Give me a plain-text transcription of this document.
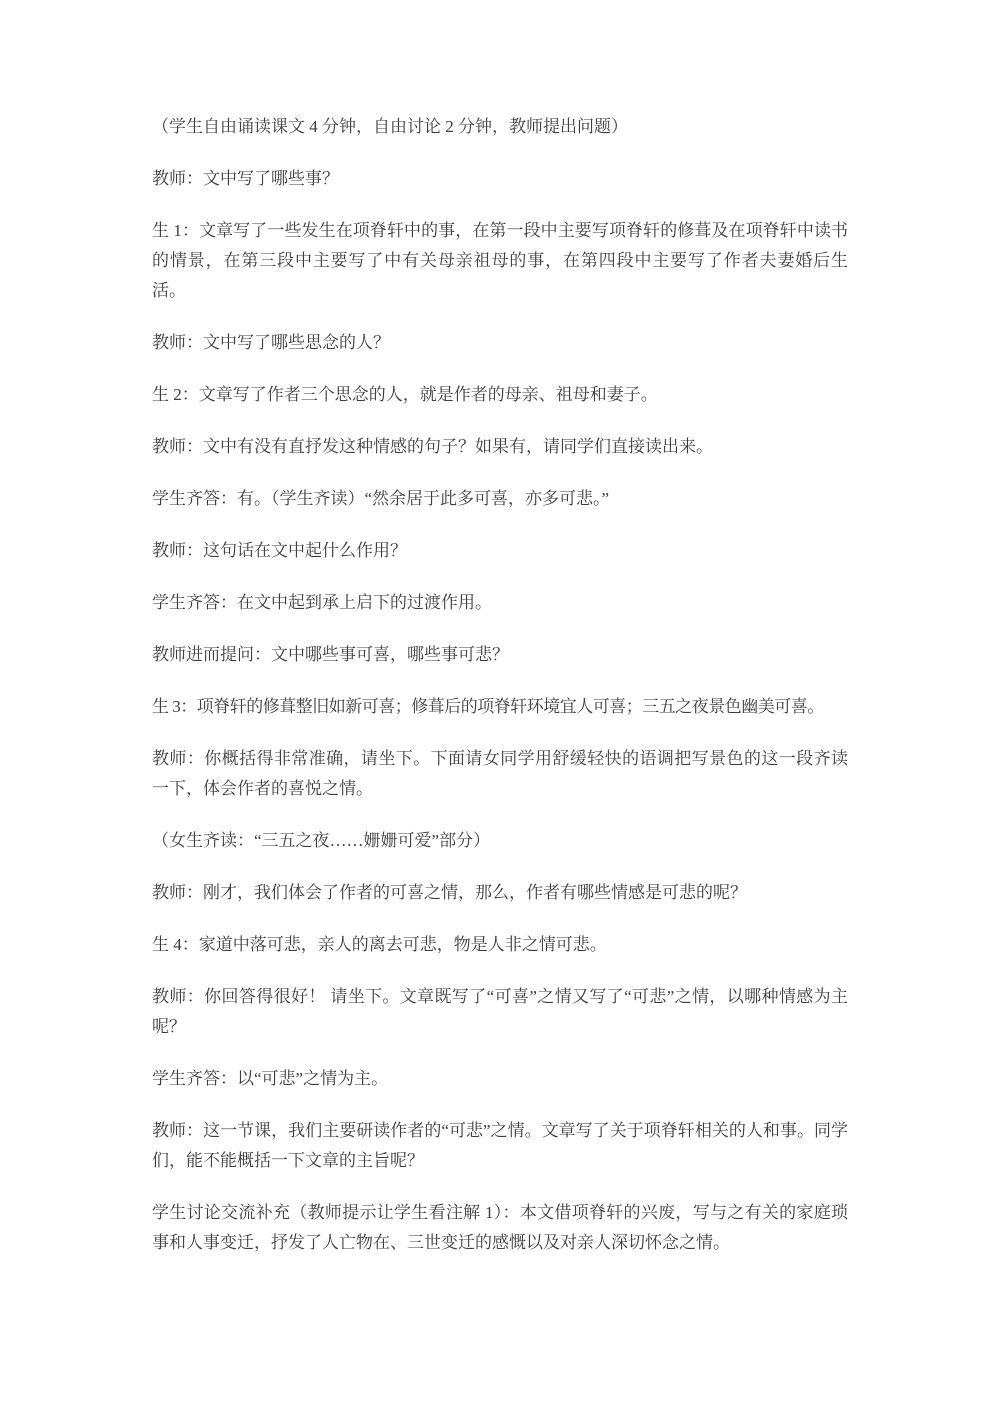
（学生自由诵读课文 4 分钟，自由讨论 2 分钟，教师提出问题）

教师：文中写了哪些事？

生 1：文章写了一些发生在项脊轩中的事，在第一段中主要写项脊轩的修葺及在项脊轩中读书的情景，在第三段中主要写了中有关母亲祖母的事，在第四段中主要写了作者夫妻婚后生活。

教师：文中写了哪些思念的人？

生 2：文章写了作者三个思念的人，就是作者的母亲、祖母和妻子。

教师：文中有没有直抒发这种情感的句子？如果有，请同学们直接读出来。

学生齐答：有。（学生齐读）“然余居于此多可喜，亦多可悲。”

教师：这句话在文中起什么作用？

学生齐答：在文中起到承上启下的过渡作用。

教师进而提问：文中哪些事可喜，哪些事可悲？

生 3：项脊轩的修葺整旧如新可喜；修葺后的项脊轩环境宜人可喜；三五之夜景色幽美可喜。

教师：你概括得非常准确，请坐下。下面请女同学用舒缓轻快的语调把写景色的这一段齐读一下，体会作者的喜悦之情。

（女生齐读：“三五之夜……姗姗可爱”部分）

教师：刚才，我们体会了作者的可喜之情，那么，作者有哪些情感是可悲的呢？

生 4：家道中落可悲，亲人的离去可悲，物是人非之情可悲。

教师：你回答得很好！ 请坐下。文章既写了“可喜”之情又写了“可悲”之情，以哪种情感为主呢？

学生齐答：以“可悲”之情为主。

教师：这一节课，我们主要研读作者的“可悲”之情。文章写了关于项脊轩相关的人和事。同学们，能不能概括一下文章的主旨呢？

学生讨论交流补充（教师提示让学生看注解 1）：本文借项脊轩的兴废，写与之有关的家庭琐事和人事变迁，抒发了人亡物在、三世变迁的感慨以及对亲人深切怀念之情。
